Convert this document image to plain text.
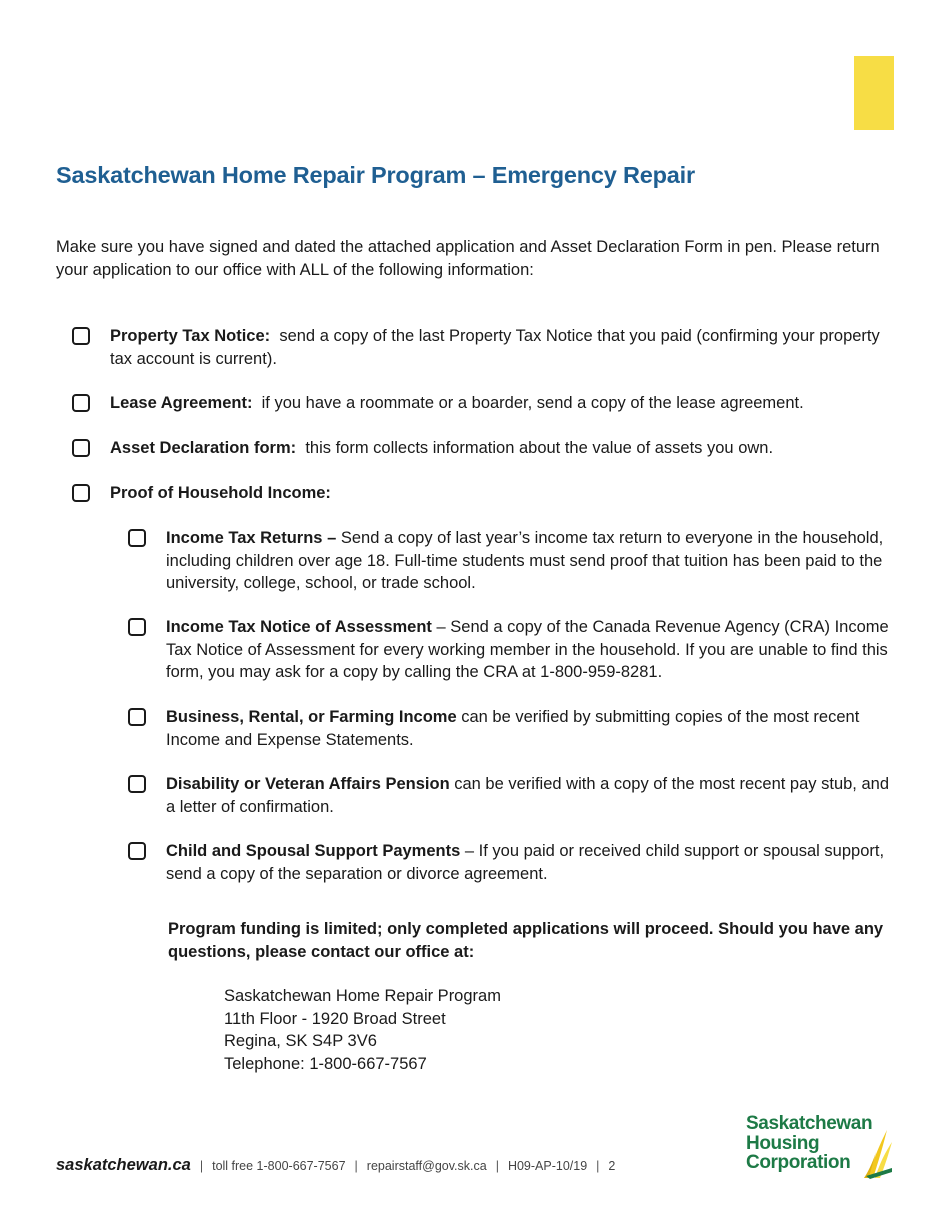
Saskatchewan Home Repair Program – Emergency Repair

Make sure you have signed and dated the attached application and Asset Declaration Form in pen. Please return your application to our office with ALL of the following information:

Property Tax Notice: send a copy of the last Property Tax Notice that you paid (confirming your property tax account is current).
Lease Agreement: if you have a roommate or a boarder, send a copy of the lease agreement.
Asset Declaration form: this form collects information about the value of assets you own.
Proof of Household Income:
Income Tax Returns – Send a copy of last year’s income tax return to everyone in the household, including children over age 18. Full-time students must send proof that tuition has been paid to the university, college, school, or trade school.
Income Tax Notice of Assessment – Send a copy of the Canada Revenue Agency (CRA) Income Tax Notice of Assessment for every working member in the household. If you are unable to find this form, you may ask for a copy by calling the CRA at 1-800-959-8281.
Business, Rental, or Farming Income can be verified by submitting copies of the most recent Income and Expense Statements.
Disability or Veteran Affairs Pension can be verified with a copy of the most recent pay stub, and a letter of confirmation.
Child and Spousal Support Payments – If you paid or received child support or spousal support, send a copy of the separation or divorce agreement.

Program funding is limited; only completed applications will proceed. Should you have any questions, please contact our office at:

Saskatchewan Home Repair Program
11th Floor - 1920 Broad Street
Regina, SK S4P 3V6
Telephone: 1-800-667-7567
saskatchewan.ca | toll free 1-800-667-7567 | repairstaff@gov.sk.ca | H09-AP-10/19 | 2
Saskatchewan
Housing
Corporation
